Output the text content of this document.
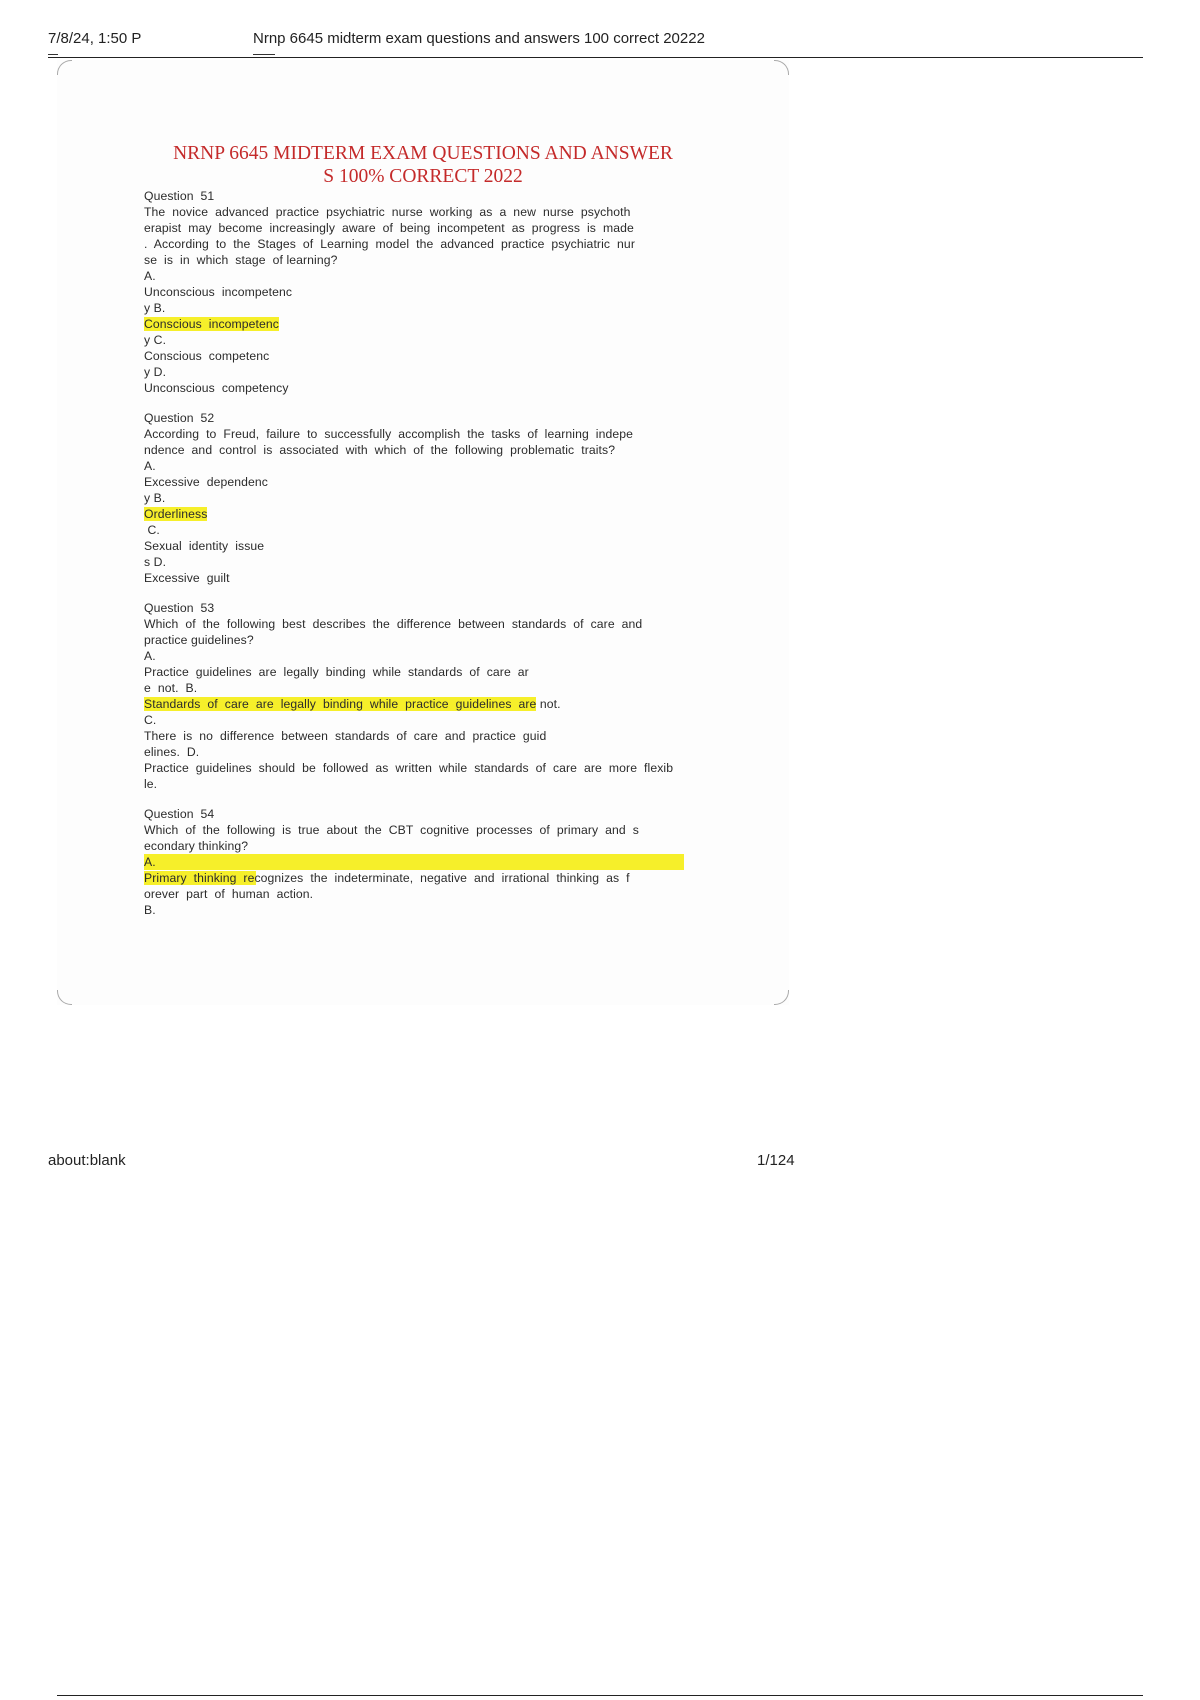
7/8/24, 1:50 P	Nrnp 6645 midterm exam questions and answers 100 correct 20222
NRNP 6645 MIDTERM EXAM QUESTIONS AND ANSWER
S 100% CORRECT 2022
Question  51
The  novice  advanced  practice  psychiatric  nurse  working  as  a  new  nurse  psychoth
erapist  may  become  increasingly  aware  of  being  incompetent  as  progress  is  made
.  According  to  the  Stages  of  Learning  model  the  advanced  practice  psychiatric  nur
se  is  in  which  stage  of learning?
A.
Unconscious  incompetenc
y B.
Conscious  incompetenc
y C.
Conscious  competenc
y D.
Unconscious  competency
Question  52
According  to  Freud,  failure  to  successfully  accomplish  the  tasks  of  learning  indepe
ndence  and  control  is  associated  with  which  of  the  following  problematic  traits?
A.
Excessive  dependenc
y B.
Orderliness
C.
Sexual  identity  issue
s D.
Excessive  guilt
Question  53
Which  of  the  following  best  describes  the  difference  between  standards  of  care  and
practice guidelines?
A.
Practice  guidelines  are  legally  binding  while  standards  of  care  ar
e  not.  B.
Standards  of  care  are  legally  binding  while  practice  guidelines  are not.
C.
There  is  no  difference  between  standards  of  care  and  practice  guid
elines.  D.
Practice  guidelines  should  be  followed  as  written  while  standards  of  care  are  more  flexib
le.
Question  54
Which  of  the  following  is  true  about  the  CBT  cognitive  processes  of  primary  and  s
econdary thinking?
A.
Primary  thinking  recognizes  the  indeterminate,  negative  and  irrational  thinking  as  f
orever  part  of  human  action.
B.
about:blank	1/124
